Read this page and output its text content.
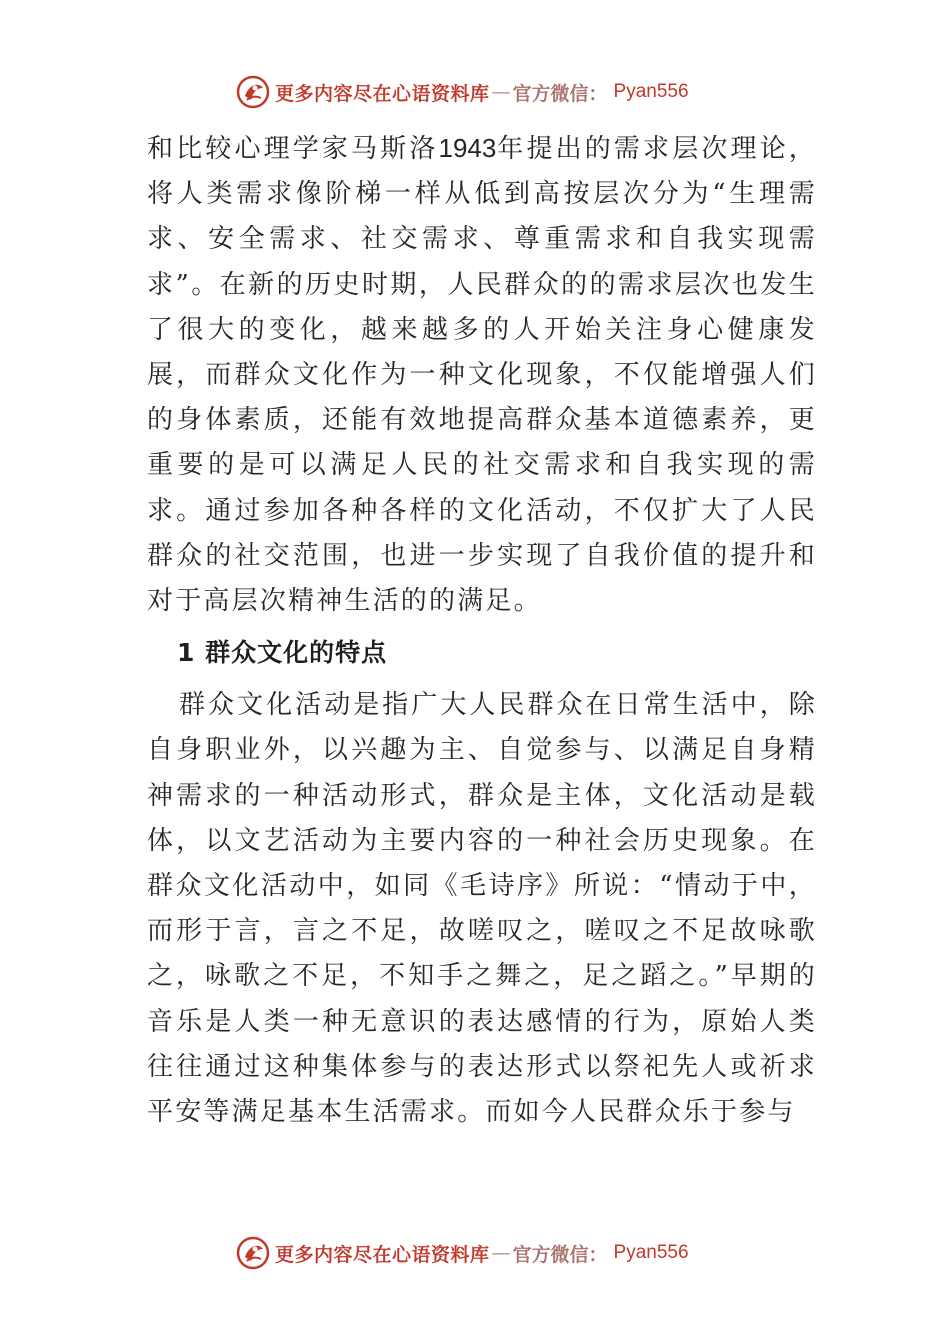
更多内容尽在心语资料库 — 官方微信： Pyan556

和比较心理学家马斯洛1943年提出的需求层次理论，将人类需求像阶梯一样从低到高按层次分为“生理需求、安全需求、社交需求、尊重需求和自我实现需求”。在新的历史时期，人民群众的的需求层次也发生了很大的变化，越来越多的人开始关注身心健康发展，而群众文化作为一种文化现象，不仅能增强人们的身体素质，还能有效地提高群众基本道德素养，更重要的是可以满足人民的社交需求和自我实现的需求。通过参加各种各样的文化活动，不仅扩大了人民群众的社交范围，也进一步实现了自我价值的提升和对于高层次精神生活的的满足。

1 群众文化的特点

群众文化活动是指广大人民群众在日常生活中，除自身职业外，以兴趣为主、自觉参与、以满足自身精神需求的一种活动形式，群众是主体，文化活动是载体，以文艺活动为主要内容的一种社会历史现象。在群众文化活动中，如同《毛诗序》所说：“情动于中，而形于言，言之不足，故嗟叹之，嗟叹之不足故咏歌之，咏歌之不足，不知手之舞之，足之蹈之。”早期的音乐是人类一种无意识的表达感情的行为，原始人类往往通过这种集体参与的表达形式以祭祀先人或祈求平安等满足基本生活需求。而如今人民群众乐于参与

更多内容尽在心语资料库 — 官方微信： Pyan556
